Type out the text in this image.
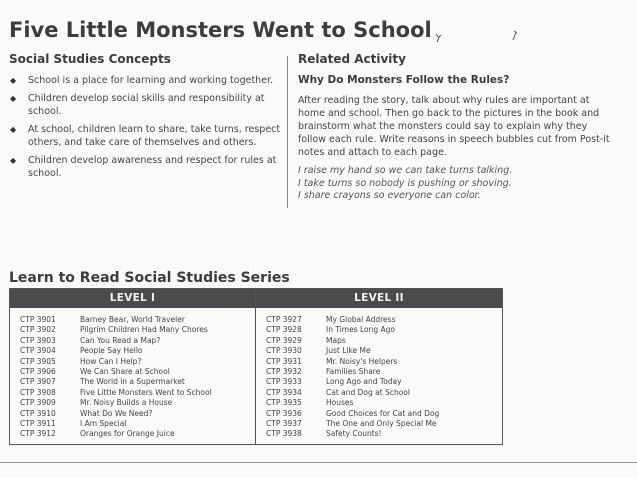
Five Little Monsters Went to School
Social Studies Concepts
◆ School is a place for learning and working together.
◆ Children develop social skills and responsibility at school.
◆ At school, children learn to share, take turns, respect others, and take care of themselves and others.
◆ Children develop awareness and respect for rules at school.
Related Activity
Why Do Monsters Follow the Rules?

After reading the story, talk about why rules are important at home and school. Then go back to the pictures in the book and brainstorm what the monsters could say to explain why they follow each rule. Write reasons in speech bubbles cut from Post-it notes and attach to each page.

I raise my hand so we can take turns talking.

I take turns so nobody is pushing or shoving.

I share crayons so everyone can color.

Learn to Read Social Studies Series
LEVEL I
CTP 3901	Barney Bear, World Traveler
CTP 3902	Pilgrim Children Had Many Chores
CTP 3903	Can You Read a Map?
CTP 3904	People Say Hello
CTP 3905	How Can I Help?
CTP 3906	We Can Share at School
CTP 3907	The World in a Supermarket
CTP 3908	Five Little Monsters Went to School
CTP 3909	Mr. Noisy Builds a House
CTP 3910	What Do We Need?
CTP 3911	I Am Special
CTP 3912	Oranges for Orange Juice
LEVEL II
CTP 3927	My Global Address
CTP 3928	In Times Long Ago
CTP 3929	Maps
CTP 3930	Just Like Me
CTP 3931	Mr. Noisy's Helpers
CTP 3932	Families Share
CTP 3933	Long Ago and Today
CTP 3934	Cat and Dog at School
CTP 3935	Houses
CTP 3936	Good Choices for Cat and Dog
CTP 3937	The One and Only Special Me
CTP 3938	Safety Counts!
